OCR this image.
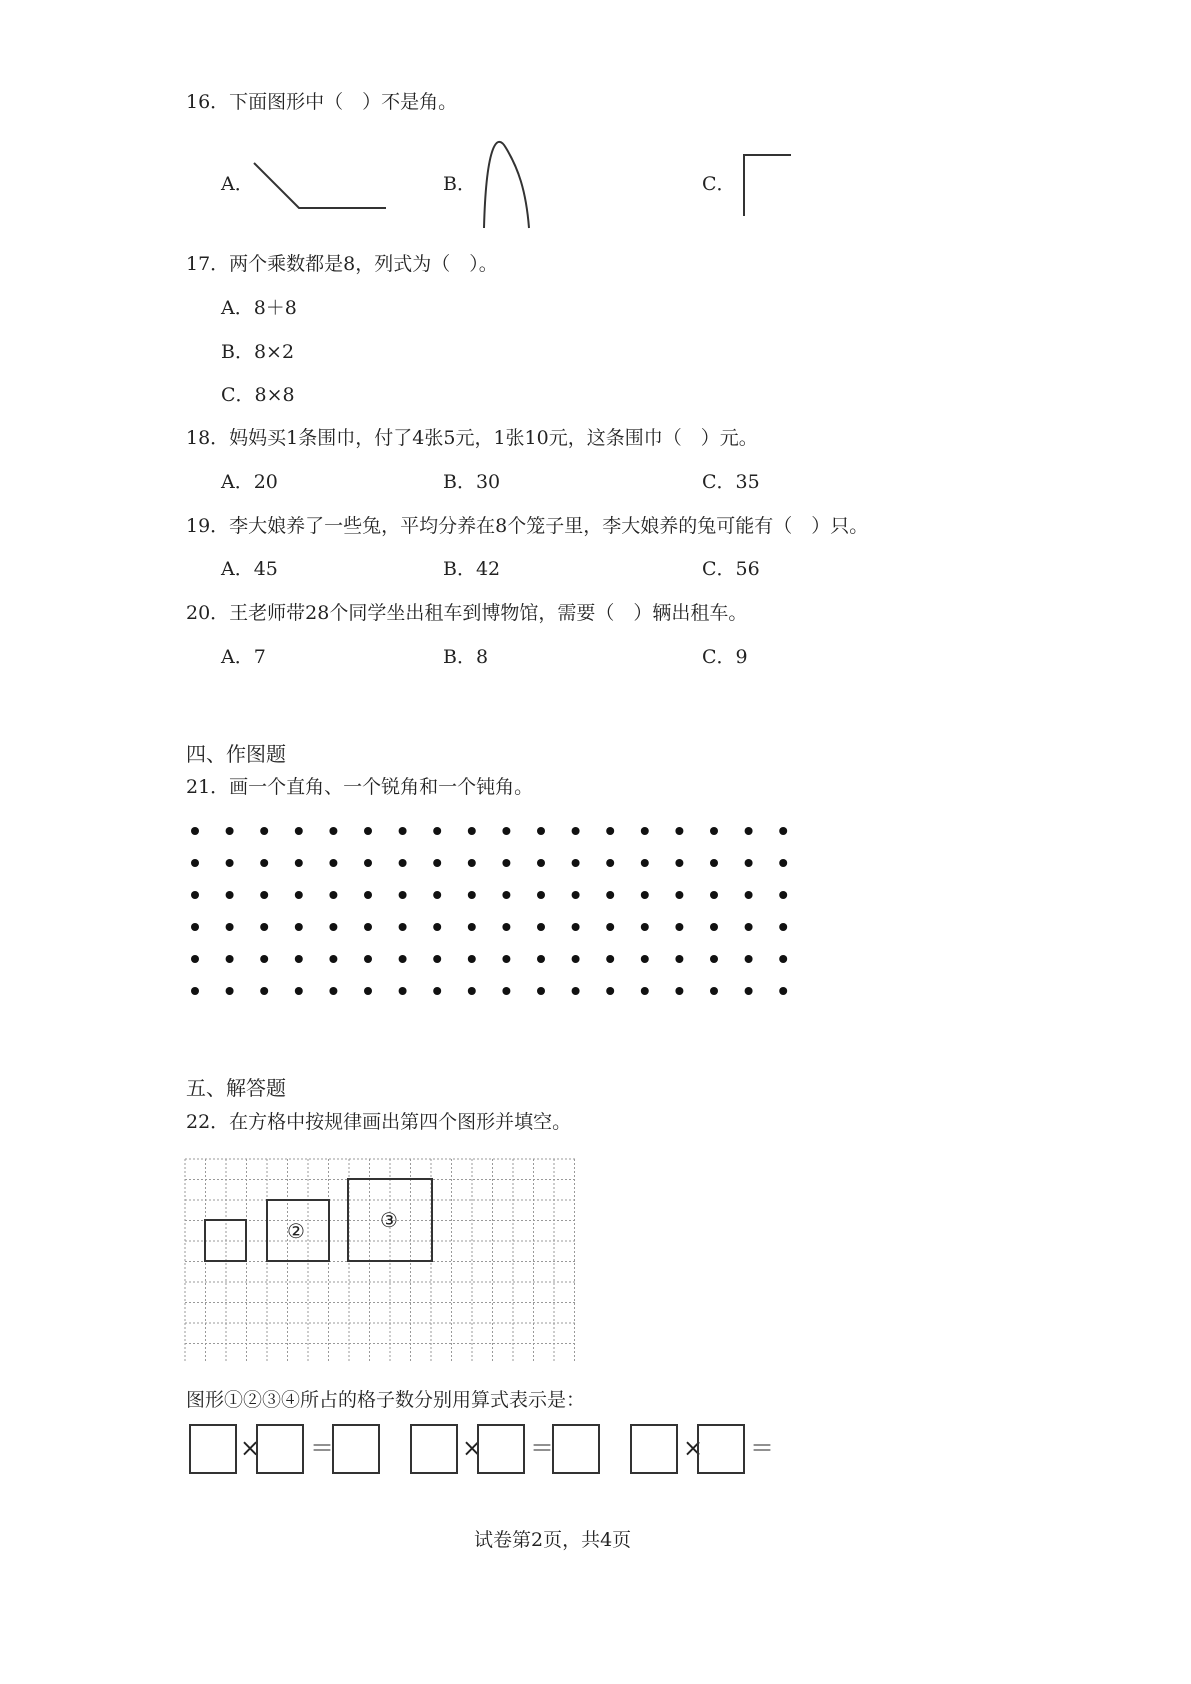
16．下面图形中（　）不是角。
A．	B．	C．
17．两个乘数都是8，列式为（　）。
A．8＋8
B．8×2
C．8×8
18．妈妈买1条围巾，付了4张5元，1张10元，这条围巾（　）元。
A．20	B．30	C．35
19．李大娘养了一些兔，平均分养在8个笼子里，李大娘养的兔可能有（　）只。
A．45	B．42	C．56
20．王老师带28个同学坐出租车到博物馆，需要（　）辆出租车。
A．7	B．8	C．9
四、作图题
21．画一个直角、一个锐角和一个钝角。
五、解答题
22．在方格中按规律画出第四个图形并填空。
②	③
图形①②③④所占的格子数分别用算式表示是：
× ＝	× ＝	× ＝
试卷第2页，共4页
